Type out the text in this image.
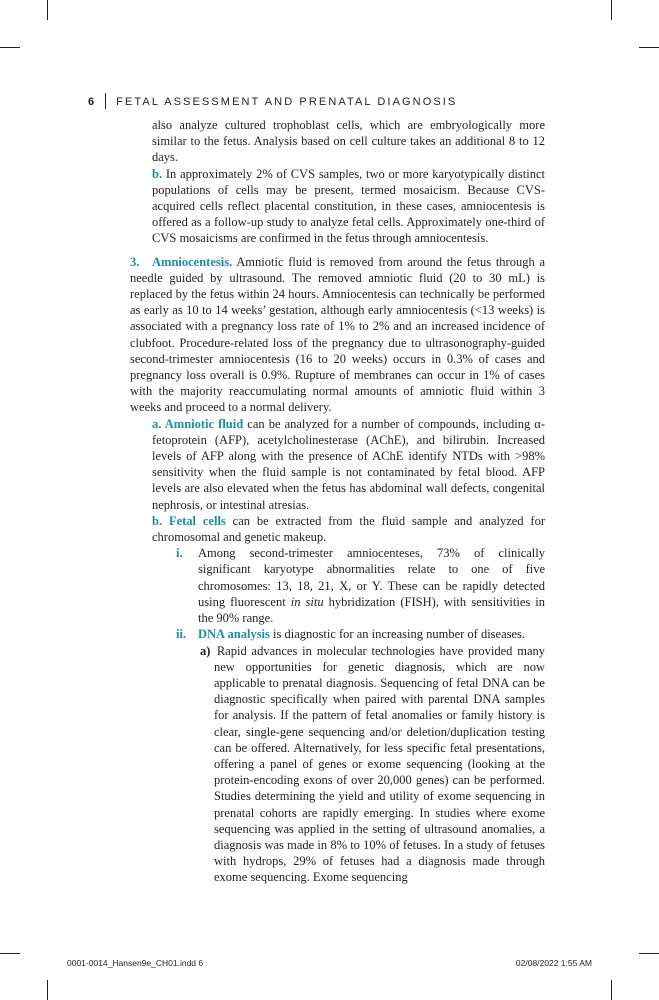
6 FETAL ASSESSMENT AND PRENATAL DIAGNOSIS

also analyze cultured trophoblast cells, which are embryologically more similar to the fetus. Analysis based on cell culture takes an additional 8 to 12 days.

b. In approximately 2% of CVS samples, two or more karyotypically distinct populations of cells may be present, termed mosaicism. Because CVS-acquired cells reflect placental constitution, in these cases, amniocentesis is offered as a follow-up study to analyze fetal cells. Approximately one-third of CVS mosaicisms are confirmed in the fetus through amniocentesis.

3. Amniocentesis. Amniotic fluid is removed from around the fetus through a needle guided by ultrasound. The removed amniotic fluid (20 to 30 mL) is replaced by the fetus within 24 hours. Amniocentesis can technically be performed as early as 10 to 14 weeks’ gestation, although early amniocentesis (<13 weeks) is associated with a pregnancy loss rate of 1% to 2% and an increased incidence of clubfoot. Procedure-related loss of the pregnancy due to ultrasonography-guided second-trimester amniocentesis (16 to 20 weeks) occurs in 0.3% of cases and pregnancy loss overall is 0.9%. Rupture of membranes can occur in 1% of cases with the majority reaccumulating normal amounts of amniotic fluid within 3 weeks and proceed to a normal delivery.

a. Amniotic fluid can be analyzed for a number of compounds, including α-fetoprotein (AFP), acetylcholinesterase (AChE), and bilirubin. Increased levels of AFP along with the presence of AChE identify NTDs with >98% sensitivity when the fluid sample is not contaminated by fetal blood. AFP levels are also elevated when the fetus has abdominal wall defects, congenital nephrosis, or intestinal atresias.

b. Fetal cells can be extracted from the fluid sample and analyzed for chromosomal and genetic makeup.

i. Among second-trimester amniocenteses, 73% of clinically significant karyotype abnormalities relate to one of five chromosomes: 13, 18, 21, X, or Y. These can be rapidly detected using fluorescent in situ hybridization (FISH), with sensitivities in the 90% range.

ii. DNA analysis is diagnostic for an increasing number of diseases.

a) Rapid advances in molecular technologies have provided many new opportunities for genetic diagnosis, which are now applicable to prenatal diagnosis. Sequencing of fetal DNA can be diagnostic specifically when paired with parental DNA samples for analysis. If the pattern of fetal anomalies or family history is clear, single-gene sequencing and/or deletion/duplication testing can be offered. Alternatively, for less specific fetal presentations, offering a panel of genes or exome sequencing (looking at the protein-encoding exons of over 20,000 genes) can be performed. Studies determining the yield and utility of exome sequencing in prenatal cohorts are rapidly emerging. In studies where exome sequencing was applied in the setting of ultrasound anomalies, a diagnosis was made in 8% to 10% of fetuses. In a study of fetuses with hydrops, 29% of fetuses had a diagnosis made through exome sequencing. Exome sequencing

0001-0014_Hansen9e_CH01.indd 6	02/08/2022 1:55 AM
